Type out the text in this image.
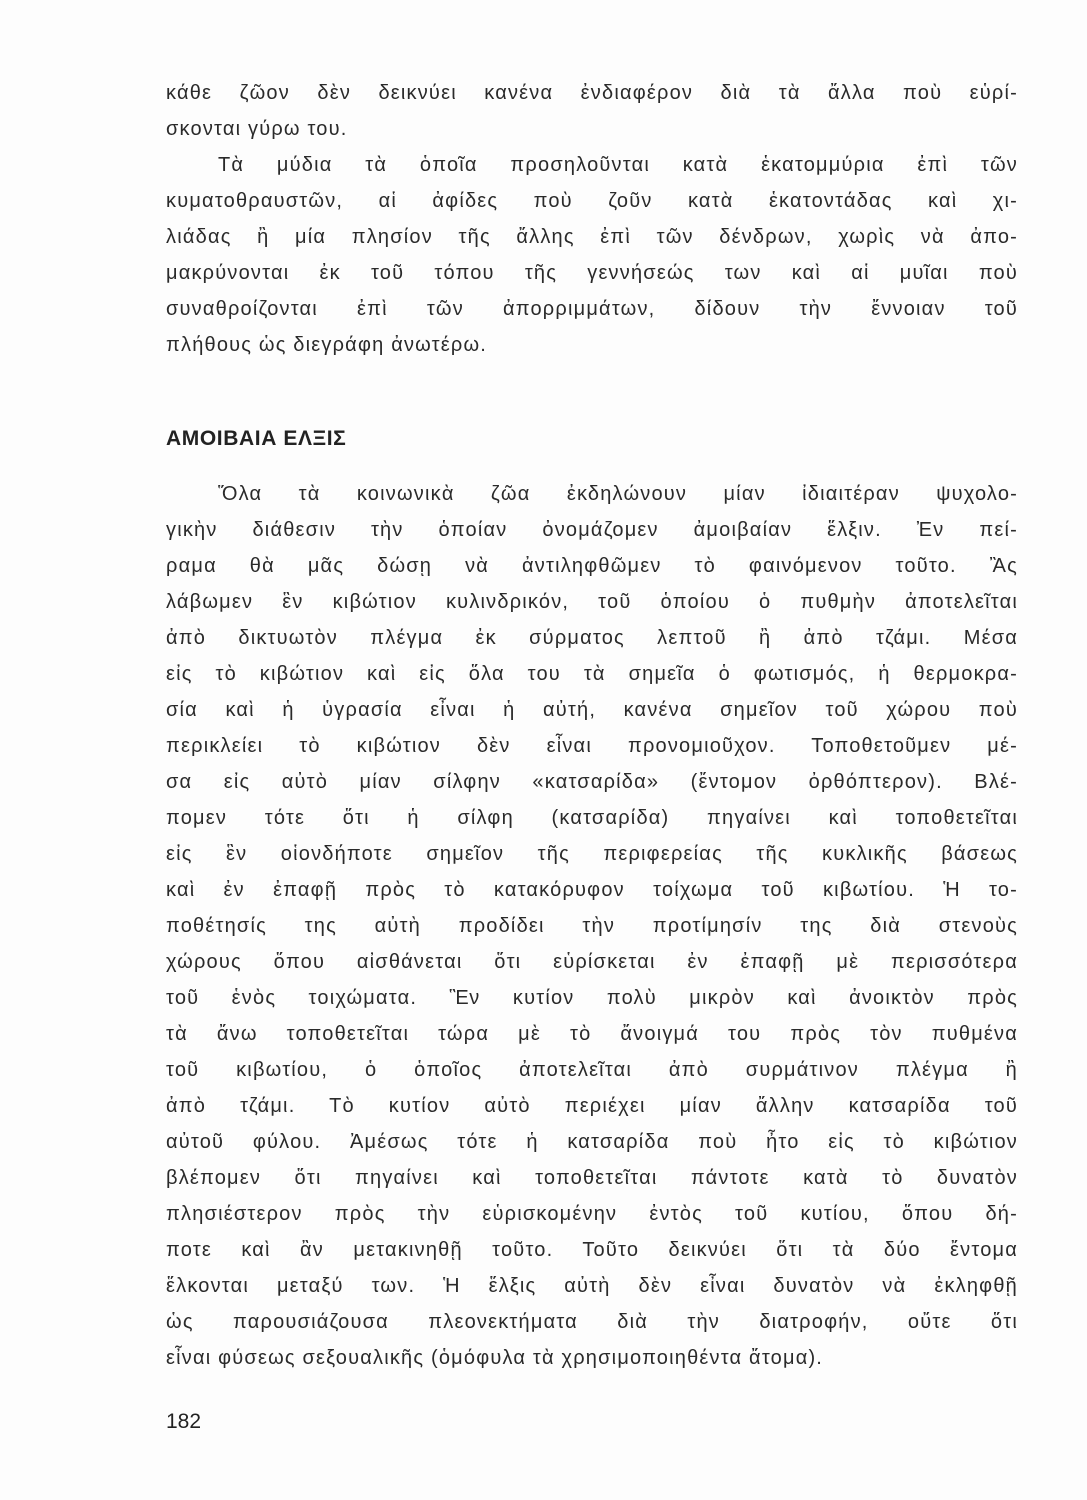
κάθε ζῶον δὲν δεικνύει κανένα ἐνδιαφέρον διὰ τὰ ἄλλα ποὺ εὑρί-
σκονται γύρω του.
Τὰ μύδια τὰ ὁποῖα προσηλοῦνται κατὰ ἑκατομμύρια ἐπὶ τῶν
κυματοθραυστῶν, αἱ ἀφίδες ποὺ ζοῦν κατὰ ἑκατοντάδας καὶ χι-
λιάδας ἢ μία πλησίον τῆς ἄλλης ἐπὶ τῶν δένδρων, χωρὶς νὰ ἀπο-
μακρύνονται ἐκ τοῦ τόπου τῆς γεννήσεώς των καὶ αἱ μυῖαι ποὺ
συναθροίζονται ἐπὶ τῶν ἀπορριμμάτων, δίδουν τὴν ἔννοιαν τοῦ
πλήθους ὡς διεγράφη ἀνωτέρω.
ΑΜΟΙΒΑΙΑ ΕΛΞΙΣ
Ὅλα τὰ κοινωνικὰ ζῶα ἐκδηλώνουν μίαν ἰδιαιτέραν ψυχολο-
γικὴν διάθεσιν τὴν ὁποίαν ὀνομάζομεν ἀμοιβαίαν ἕλξιν. Ἐν πεί-
ραμα θὰ μᾶς δώσῃ νὰ ἀντιληφθῶμεν τὸ φαινόμενον τοῦτο. Ἂς
λάβωμεν ἓν κιβώτιον κυλινδρικόν, τοῦ ὁποίου ὁ πυθμὴν ἀποτελεῖται
ἀπὸ δικτυωτὸν πλέγμα ἐκ σύρματος λεπτοῦ ἢ ἀπὸ τζάμι. Μέσα
εἰς τὸ κιβώτιον καὶ εἰς ὅλα του τὰ σημεῖα ὁ φωτισμός, ἡ θερμοκρα-
σία καὶ ἡ ὑγρασία εἶναι ἡ αὐτή, κανένα σημεῖον τοῦ χώρου ποὺ
περικλείει τὸ κιβώτιον δὲν εἶναι προνομιοῦχον. Τοποθετοῦμεν μέ-
σα εἰς αὐτὸ μίαν σίλφην «κατσαρίδα» (ἔντομον ὀρθόπτερον). Βλέ-
πομεν τότε ὅτι ἡ σίλφη (κατσαρίδα) πηγαίνει καὶ τοποθετεῖται
εἰς ἓν οἱονδήποτε σημεῖον τῆς περιφερείας τῆς κυκλικῆς βάσεως
καὶ ἐν ἐπαφῇ πρὸς τὸ κατακόρυφον τοίχωμα τοῦ κιβωτίου. Ἡ το-
ποθέτησίς της αὐτὴ προδίδει τὴν προτίμησίν της διὰ στενοὺς
χώρους ὅπου αἰσθάνεται ὅτι εὑρίσκεται ἐν ἐπαφῇ μὲ περισσότερα
τοῦ ἑνὸς τοιχώματα. Ἓν κυτίον πολὺ μικρὸν καὶ ἀνοικτὸν πρὸς
τὰ ἄνω τοποθετεῖται τώρα μὲ τὸ ἄνοιγμά του πρὸς τὸν πυθμένα
τοῦ κιβωτίου, ὁ ὁποῖος ἀποτελεῖται ἀπὸ συρμάτινον πλέγμα ἢ
ἀπὸ τζάμι. Τὸ κυτίον αὐτὸ περιέχει μίαν ἄλλην κατσαρίδα τοῦ
αὐτοῦ φύλου. Ἀμέσως τότε ἡ κατσαρίδα ποὺ ἦτο εἰς τὸ κιβώτιον
βλέπομεν ὅτι πηγαίνει καὶ τοποθετεῖται πάντοτε κατὰ τὸ δυνατὸν
πλησιέστερον πρὸς τὴν εὑρισκομένην ἐντὸς τοῦ κυτίου, ὅπου δή-
ποτε καὶ ἂν μετακινηθῇ τοῦτο. Τοῦτο δεικνύει ὅτι τὰ δύο ἔντομα
ἕλκονται μεταξύ των. Ἡ ἕλξις αὐτὴ δὲν εἶναι δυνατὸν νὰ ἐκληφθῇ
ὡς παρουσιάζουσα πλεονεκτήματα διὰ τὴν διατροφήν, οὔτε ὅτι
εἶναι φύσεως σεξουαλικῆς (ὁμόφυλα τὰ χρησιμοποιηθέντα ἄτομα).
182
